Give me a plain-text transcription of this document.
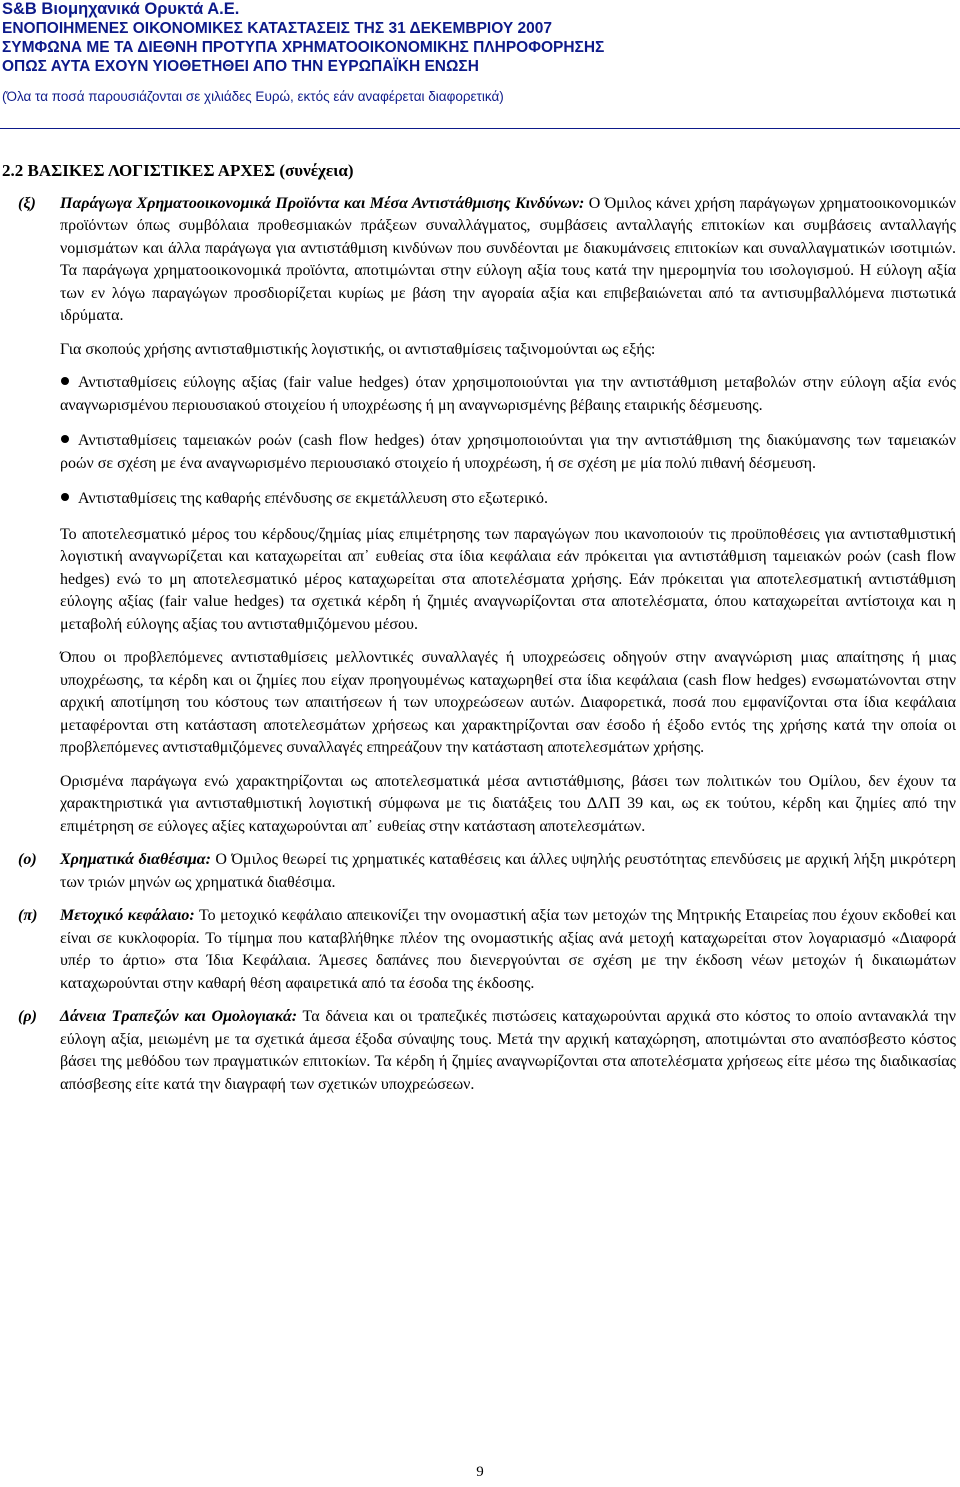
S&B Βιομηχανικά Ορυκτά Α.Ε.
ΕΝΟΠΟΙΗΜΕΝΕΣ ΟΙΚΟΝΟΜΙΚΕΣ ΚΑΤΑΣΤΑΣΕΙΣ ΤΗΣ 31 ΔΕΚΕΜΒΡΙΟΥ 2007
ΣΥΜΦΩΝΑ ΜΕ ΤΑ ΔΙΕΘΝΗ ΠΡΟΤΥΠΑ ΧΡΗΜΑΤΟΟΙΚΟΝΟΜΙΚΗΣ ΠΛΗΡΟΦΟΡΗΣΗΣ
ΟΠΩΣ ΑΥΤΑ ΕΧΟΥΝ ΥΙΟΘΕΤΗΘΕΙ ΑΠΟ ΤΗΝ ΕΥΡΩΠΑΪΚΗ ΕΝΩΣΗ
(Όλα τα ποσά παρουσιάζονται σε χιλιάδες Ευρώ, εκτός εάν αναφέρεται διαφορετικά)
2.2 ΒΑΣΙΚΕΣ ΛΟΓΙΣΤΙΚΕΣ ΑΡΧΕΣ (συνέχεια)
(ξ) Παράγωγα Χρηματοοικονομικά Προϊόντα και Μέσα Αντιστάθμισης Κινδύνων: Ο Όμιλος κάνει χρήση παράγωγων χρηματοοικονομικών προϊόντων όπως συμβόλαια προθεσμιακών πράξεων συναλλάγματος, συμβάσεις ανταλλαγής επιτοκίων και συμβάσεις ανταλλαγής νομισμάτων και άλλα παράγωγα για αντιστάθμιση κινδύνων που συνδέονται με διακυμάνσεις επιτοκίων και συναλλαγματικών ισοτιμιών. Τα παράγωγα χρηματοοικονομικά προϊόντα, αποτιμώνται στην εύλογη αξία τους κατά την ημερομηνία του ισολογισμού. Η εύλογη αξία των εν λόγω παραγώγων προσδιορίζεται κυρίως με βάση την αγοραία αξία και επιβεβαιώνεται από τα αντισυμβαλλόμενα πιστωτικά ιδρύματα.

Για σκοπούς χρήσης αντισταθμιστικής λογιστικής, οι αντισταθμίσεις ταξινομούνται ως εξής:

Αντισταθμίσεις εύλογης αξίας (fair value hedges) όταν χρησιμοποιούνται για την αντιστάθμιση μεταβολών στην εύλογη αξία ενός αναγνωρισμένου περιουσιακού στοιχείου ή υποχρέωσης ή μη αναγνωρισμένης βέβαιης εταιρικής δέσμευσης.

Αντισταθμίσεις ταμειακών ροών (cash flow hedges) όταν χρησιμοποιούνται για την αντιστάθμιση της διακύμανσης των ταμειακών ροών σε σχέση με ένα αναγνωρισμένο περιουσιακό στοιχείο ή υποχρέωση, ή σε σχέση με μία πολύ πιθανή δέσμευση.

Αντισταθμίσεις της καθαρής επένδυσης σε εκμετάλλευση στο εξωτερικό.

Το αποτελεσματικό μέρος του κέρδους/ζημίας μίας επιμέτρησης των παραγώγων που ικανοποιούν τις προϋποθέσεις για αντισταθμιστική λογιστική αναγνωρίζεται και καταχωρείται απ᾽ ευθείας στα ίδια κεφάλαια εάν πρόκειται για αντιστάθμιση ταμειακών ροών (cash flow hedges) ενώ το μη αποτελεσματικό μέρος καταχωρείται στα αποτελέσματα χρήσης. Εάν πρόκειται για αποτελεσματική αντιστάθμιση εύλογης αξίας (fair value hedges) τα σχετικά κέρδη ή ζημιές αναγνωρίζονται στα αποτελέσματα, όπου καταχωρείται αντίστοιχα και η μεταβολή εύλογης αξίας του αντισταθμιζόμενου μέσου.

Όπου οι προβλεπόμενες αντισταθμίσεις μελλοντικές συναλλαγές ή υποχρεώσεις οδηγούν στην αναγνώριση μιας απαίτησης ή μιας υποχρέωσης, τα κέρδη και οι ζημίες που είχαν προηγουμένως καταχωρηθεί στα ίδια κεφάλαια (cash flow hedges) ενσωματώνονται στην αρχική αποτίμηση του κόστους των απαιτήσεων ή των υποχρεώσεων αυτών. Διαφορετικά, ποσά που εμφανίζονται στα ίδια κεφάλαια μεταφέρονται στη κατάσταση αποτελεσμάτων χρήσεως και χαρακτηρίζονται σαν έσοδο ή έξοδο εντός της χρήσης κατά την οποία οι προβλεπόμενες αντισταθμιζόμενες συναλλαγές επηρεάζουν την κατάσταση αποτελεσμάτων χρήσης.

Ορισμένα παράγωγα ενώ χαρακτηρίζονται ως αποτελεσματικά μέσα αντιστάθμισης, βάσει των πολιτικών του Ομίλου, δεν έχουν τα χαρακτηριστικά για αντισταθμιστική λογιστική σύμφωνα με τις διατάξεις του ΔΛΠ 39 και, ως εκ τούτου, κέρδη και ζημίες από την επιμέτρηση σε εύλογες αξίες καταχωρούνται απ᾽ ευθείας στην κατάσταση αποτελεσμάτων.

(ο) Χρηματικά διαθέσιμα: Ο Όμιλος θεωρεί τις χρηματικές καταθέσεις και άλλες υψηλής ρευστότητας επενδύσεις με αρχική λήξη μικρότερη των τριών μηνών ως χρηματικά διαθέσιμα.

(π) Μετοχικό κεφάλαιο: Το μετοχικό κεφάλαιο απεικονίζει την ονομαστική αξία των μετοχών της Μητρικής Εταιρείας που έχουν εκδοθεί και είναι σε κυκλοφορία. Το τίμημα που καταβλήθηκε πλέον της ονομαστικής αξίας ανά μετοχή καταχωρείται στον λογαριασμό «Διαφορά υπέρ το άρτιο» στα Ίδια Κεφάλαια. Άμεσες δαπάνες που διενεργούνται σε σχέση με την έκδοση νέων μετοχών ή δικαιωμάτων καταχωρούνται στην καθαρή θέση αφαιρετικά από τα έσοδα της έκδοσης.

(ρ) Δάνεια Τραπεζών και Ομολογιακά: Τα δάνεια και οι τραπεζικές πιστώσεις καταχωρούνται αρχικά στο κόστος το οποίο αντανακλά την εύλογη αξία, μειωμένη με τα σχετικά άμεσα έξοδα σύναψης τους. Μετά την αρχική καταχώρηση, αποτιμώνται στο αναπόσβεστο κόστος βάσει της μεθόδου των πραγματικών επιτοκίων. Τα κέρδη ή ζημίες αναγνωρίζονται στα αποτελέσματα χρήσεως είτε μέσω της διαδικασίας απόσβεσης είτε κατά την διαγραφή των σχετικών υποχρεώσεων.

9
